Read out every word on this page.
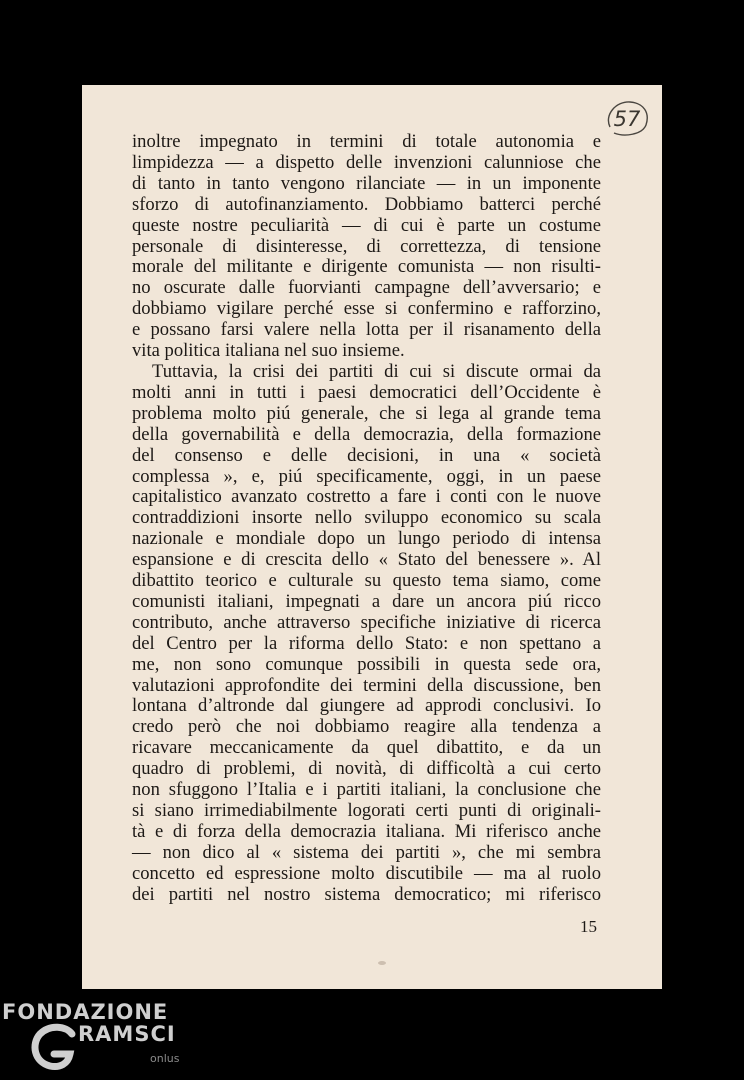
57
inoltre impegnato in termini di totale autonomia e
limpidezza — a dispetto delle invenzioni calunniose che
di tanto in tanto vengono rilanciate — in un imponente
sforzo di autofinanziamento. Dobbiamo batterci perché
queste nostre peculiarità — di cui è parte un costume
personale di disinteresse, di correttezza, di tensione
morale del militante e dirigente comunista — non risulti-
no oscurate dalle fuorvianti campagne dell’avversario; e
dobbiamo vigilare perché esse si confermino e rafforzino,
e possano farsi valere nella lotta per il risanamento della
vita politica italiana nel suo insieme.
Tuttavia, la crisi dei partiti di cui si discute ormai da
molti anni in tutti i paesi democratici dell’Occidente è
problema molto piú generale, che si lega al grande tema
della governabilità e della democrazia, della formazione
del consenso e delle decisioni, in una « società
complessa », e, piú specificamente, oggi, in un paese
capitalistico avanzato costretto a fare i conti con le nuove
contraddizioni insorte nello sviluppo economico su scala
nazionale e mondiale dopo un lungo periodo di intensa
espansione e di crescita dello « Stato del benessere ». Al
dibattito teorico e culturale su questo tema siamo, come
comunisti italiani, impegnati a dare un ancora piú ricco
contributo, anche attraverso specifiche iniziative di ricerca
del Centro per la riforma dello Stato: e non spettano a
me, non sono comunque possibili in questa sede ora,
valutazioni approfondite dei termini della discussione, ben
lontana d’altronde dal giungere ad approdi conclusivi. Io
credo però che noi dobbiamo reagire alla tendenza a
ricavare meccanicamente da quel dibattito, e da un
quadro di problemi, di novità, di difficoltà a cui certo
non sfuggono l’Italia e i partiti italiani, la conclusione che
si siano irrimediabilmente logorati certi punti di originali-
tà e di forza della democrazia italiana. Mi riferisco anche
— non dico al « sistema dei partiti », che mi sembra
concetto ed espressione molto discutibile — ma al ruolo
dei partiti nel nostro sistema democratico; mi riferisco
15
FONDAZIONE
RAMSCI
onlus
